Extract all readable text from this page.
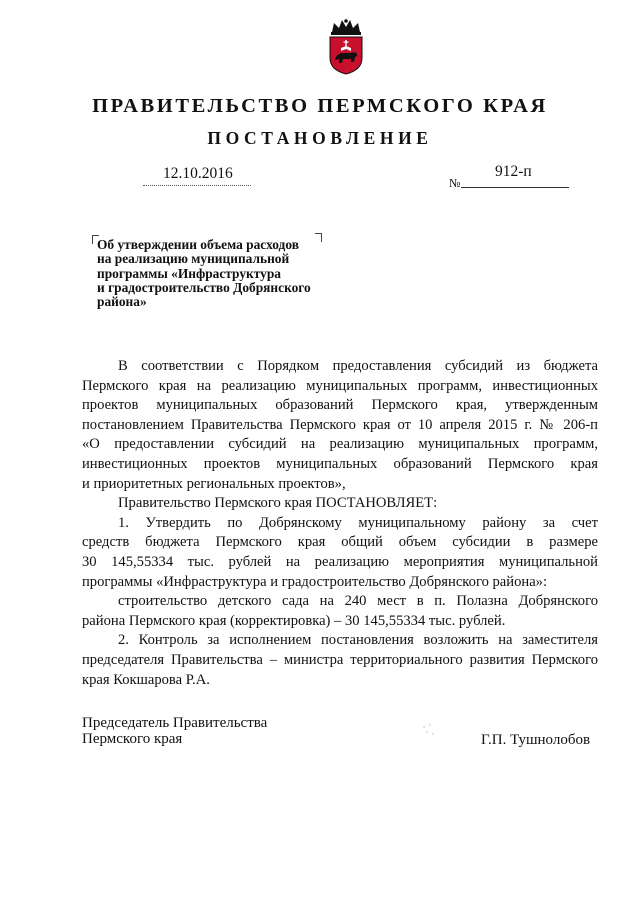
ПРАВИТЕЛЬСТВО ПЕРМСКОГО КРАЯ
ПОСТАНОВЛЕНИЕ
12.10.2016	912-п
№
Об утверждении объема расходов
на реализацию муниципальной
программы «Инфраструктура
и градостроительство Добрянского
района»
В соответствии с Порядком предоставления субсидий из бюджета
Пермского края на реализацию муниципальных программ, инвестиционных
проектов муниципальных образований Пермского края, утвержденным
постановлением Правительства Пермского края от 10 апреля 2015 г. № 206-п
«О предоставлении субсидий на реализацию муниципальных программ,
инвестиционных проектов муниципальных образований Пермского края
и приоритетных региональных проектов»,
Правительство Пермского края ПОСТАНОВЛЯЕТ:
1. Утвердить по Добрянскому муниципальному району за счет
средств бюджета Пермского края общий объем субсидии в размере
30 145,55334 тыс. рублей на реализацию мероприятия муниципальной
программы «Инфраструктура и градостроительство Добрянского района»:
строительство детского сада на 240 мест в п. Полазна Добрянского
района Пермского края (корректировка) – 30 145,55334 тыс. рублей.
2. Контроль за исполнением постановления возложить на заместителя
председателя Правительства – министра территориального развития Пермского
края Кокшарова Р.А.
Председатель Правительства
Пермского края	Г.П. Тушнолобов
